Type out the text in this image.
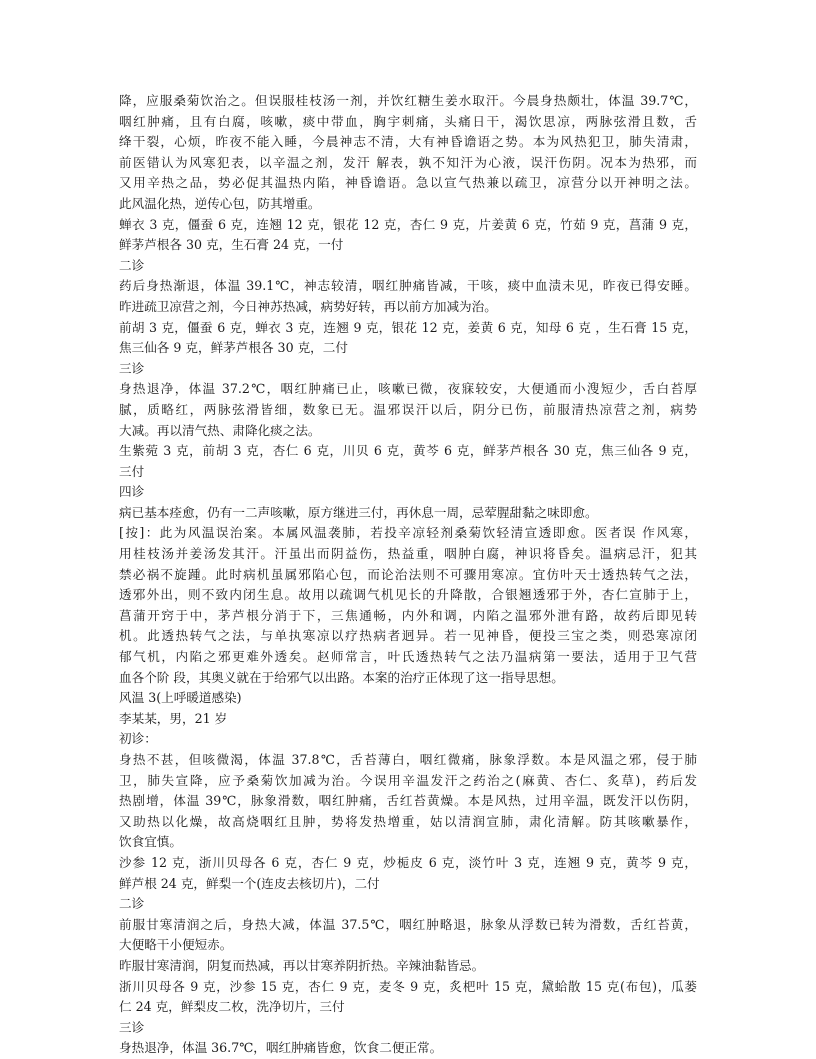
降，应服桑菊饮治之。但误服桂枝汤一剂，并饮红糖生姜水取汗。今晨身热颇壮，体温 39.7℃，
咽红肿痛，且有白腐，咳嗽，痰中带血，胸宇刺痛，头痛日干，渴饮思凉，两脉弦滑且数，舌
绛干裂，心烦，昨夜不能入睡，今晨神志不清，大有神昏谵语之势。本为风热犯卫，肺失清肃，
前医错认为风寒犯表，以辛温之剂，发汗 解表，孰不知汗为心液，误汗伤阴。况本为热邪，而
又用辛热之品，势必促其温热内陷，神昏谵语。急以宣气热兼以疏卫，凉营分以开神明之法。
此风温化热，逆传心包，防其增重。
蝉衣 3 克，僵蚕 6 克，连翘 12 克，银花 12 克，杏仁 9 克，片姜黄 6 克，竹茹 9 克，菖蒲 9 克，
鲜茅芦根各 30 克，生石膏 24 克，一付
二诊
药后身热渐退，体温 39.1℃，神志较清，咽红肿痛皆减，干咳，痰中血渍未见，昨夜已得安睡。
昨进疏卫凉营之剂，今日神苏热减，病势好转，再以前方加减为治。
前胡 3 克，僵蚕 6 克，蝉衣 3 克，连翘 9 克，银花 12 克，姜黄 6 克，知母 6 克 ，生石膏 15 克，
焦三仙各 9 克，鲜茅芦根各 30 克，二付
三诊
身热退净，体温 37.2℃，咽红肿痛已止，咳嗽已微，夜寐较安，大便通而小溲短少，舌白苔厚
腻，质略红，两脉弦滑皆细，数象已无。温邪误汗以后，阴分已伤，前服清热凉营之剂，病势
大减。再以清气热、肃降化痰之法。
生紫菀 3 克，前胡 3 克，杏仁 6 克，川贝 6 克，黄芩 6 克，鲜茅芦根各 30 克，焦三仙各 9 克，
三付
四诊
病已基本痊愈，仍有一二声咳嗽，原方继进三付，再休息一周，忌荤腥甜黏之味即愈。
[按]：此为风温误治案。本属风温袭肺，若投辛凉轻剂桑菊饮轻清宣透即愈。医者误 作风寒，
用桂枝汤并姜汤发其汗。汗虽出而阴益伤，热益重，咽肿白腐，神识将昏矣。温病忌汗，犯其
禁必祸不旋踵。此时病机虽属邪陷心包，而论治法则不可骤用寒凉。宜仿叶天士透热转气之法，
透邪外出，则不致内闭生息。故用以疏调气机见长的升降散，合银翘透邪于外，杏仁宣肺于上，
菖蒲开窍于中，茅芦根分消于下，三焦通畅，内外和调，内陷之温邪外泄有路，故药后即见转
机。此透热转气之法，与单执寒凉以疗热病者迥异。若一见神昏，便投三宝之类，则恐寒凉闭
郁气机，内陷之邪更难外透矣。赵师常言，叶氏透热转气之法乃温病第一要法，适用于卫气营
血各个阶 段，其奥义就在于给邪气以出路。本案的治疗正体现了这一指导思想。
风温 3(上呼暖道感染)
李某某，男，21 岁
初诊：
身热不甚，但咳微渴，体温 37.8℃，舌苔薄白，咽红微痛，脉象浮数。本是风温之邪，侵于肺
卫，肺失宣降，应予桑菊饮加减为治。今误用辛温发汗之药治之(麻黄、杏仁、炙草)，药后发
热剧增，体温 39℃，脉象滑数，咽红肿痛，舌红苔黄燥。本是风热，过用辛温，既发汗以伤阴，
又助热以化燥，故高烧咽红且肿，势将发热增重，姑以清润宣肺，肃化清解。防其咳嗽暴作，
饮食宜慎。
沙参 12 克，浙川贝母各 6 克，杏仁 9 克，炒栀皮 6 克，淡竹叶 3 克，连翘 9 克，黄芩 9 克，
鲜芦根 24 克，鲜梨一个(连皮去核切片)，二付
二诊
前服甘寒清润之后，身热大减，体温 37.5℃，咽红肿略退，脉象从浮数已转为滑数，舌红苔黄，
大便略干小便短赤。
昨服甘寒清润，阴复而热减，再以甘寒养阴折热。辛辣油黏皆忌。
浙川贝母各 9 克，沙参 15 克，杏仁 9 克，麦冬 9 克，炙杷叶 15 克，黛蛤散 15 克(布包)，瓜蒌
仁 24 克，鲜梨皮二枚，洗净切片，三付
三诊
身热退净，体温 36.7℃，咽红肿痛皆愈，饮食二便正常。
